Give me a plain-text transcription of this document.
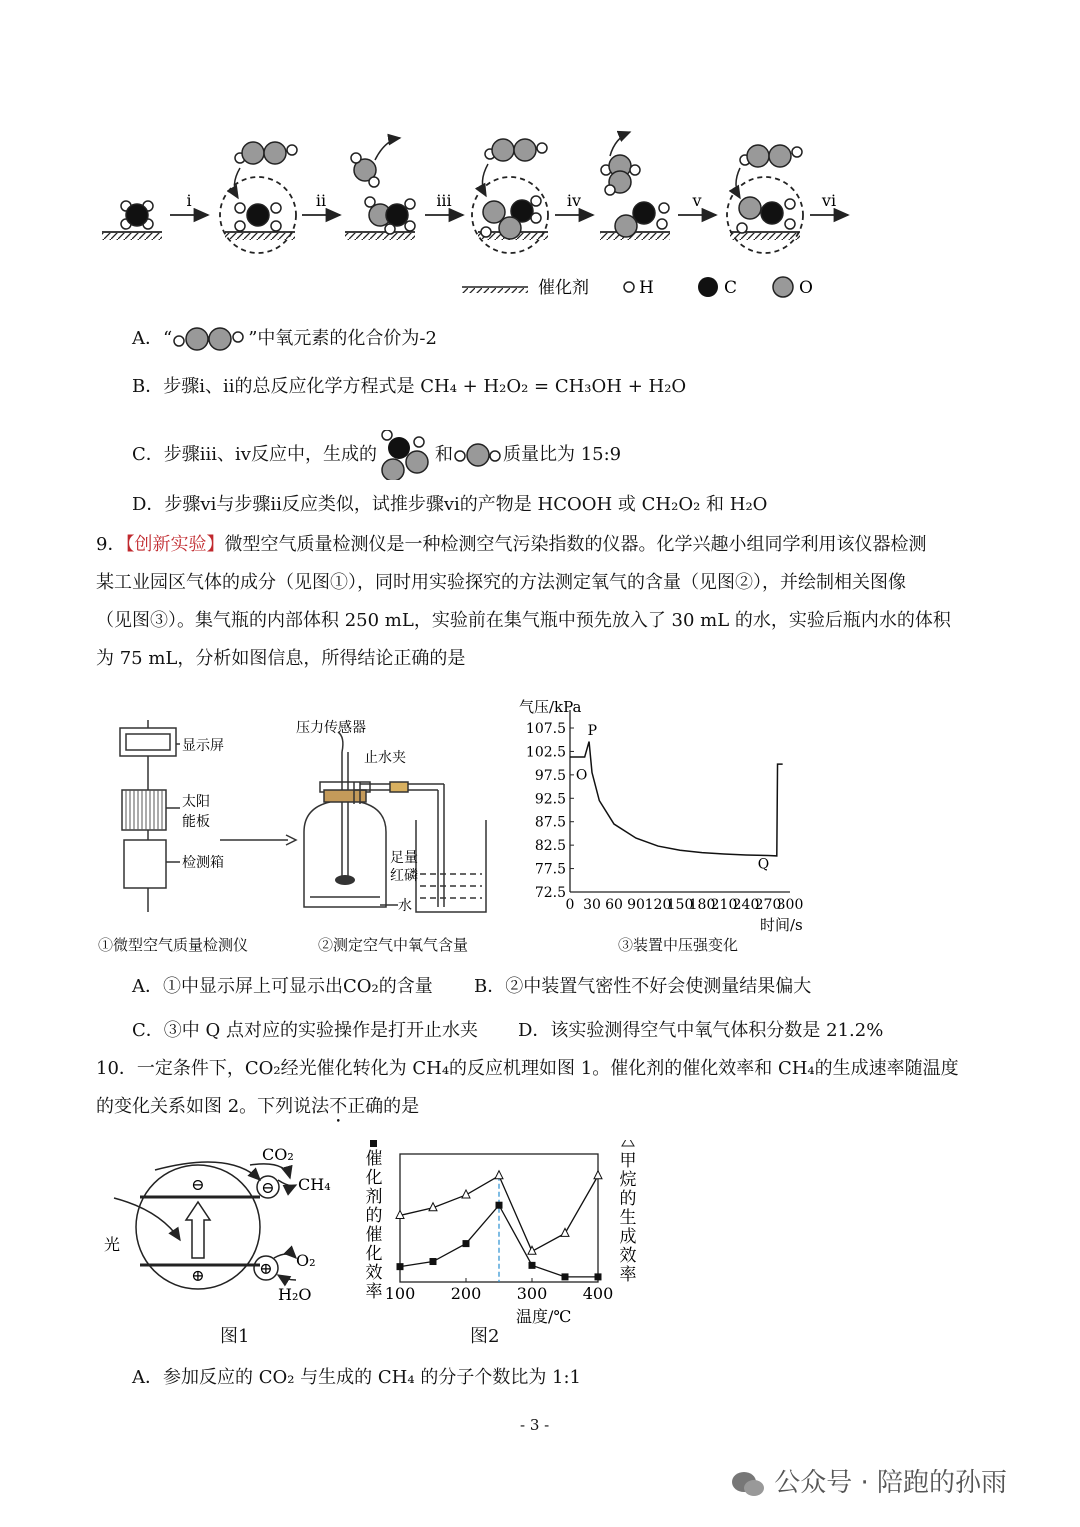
i	ii	iii	iv	v	vi
催化剂	H	C	O
A．“	”中氧元素的化合价为-2
B．步骤i、ii的总反应化学方程式是 CH₄ + H₂O₂ = CH₃OH + H₂O
C．步骤iii、iv反应中，生成的	和	质量比为 15:9
D．步骤vi与步骤ii反应类似，试推步骤vi的产物是 HCOOH 或 CH₂O₂ 和 H₂O
9．【创新实验】微型空气质量检测仪是一种检测空气污染指数的仪器。化学兴趣小组同学利用该仪器检测
某工业园区气体的成分（见图①），同时用实验探究的方法测定氧气的含量（见图②），并绘制相关图像
（见图③）。集气瓶的内部体积 250 mL，实验前在集气瓶中预先放入了 30 mL 的水，实验后瓶内水的体积
为 75 mL，分析如图信息，所得结论正确的是
显示屏
太阳
能板
检测箱
①微型空气质量检测仪
压力传感器
止水夹
足量
红磷
水
②测定空气中氧气含量
气压/kPa
时间/s
72.5
77.5
82.5
87.5
92.5
97.5
102.5
107.5
0 30 60 90 120
150
180
210
240
270
300
P
O
Q
③装置中压强变化
A．①中显示屏上可显示出CO₂的含量 B．②中装置气密性不好会使测量结果偏大
C．③中 Q 点对应的实验操作是打开止水夹 D．该实验测得空气中氧气体积分数是 21.2%
10．一定条件下，CO₂经光催化转化为 CH₄的反应机理如图 1。催化剂的催化效率和 CH₄的生成速率随温度
的变化关系如图 2。下列说法不正确的是
⊖	⊖
⊕	⊕
CO₂
CH₄
光
O₂
H₂O
图1
100 200 300 400
温度/℃
催
化
剂
的
催
化
效
率
甲
烷
的
生
成
效
率
图2
A．参加反应的 CO₂ 与生成的 CH₄ 的分子个数比为 1:1
- 3 -
公众号 · 陪跑的孙雨
